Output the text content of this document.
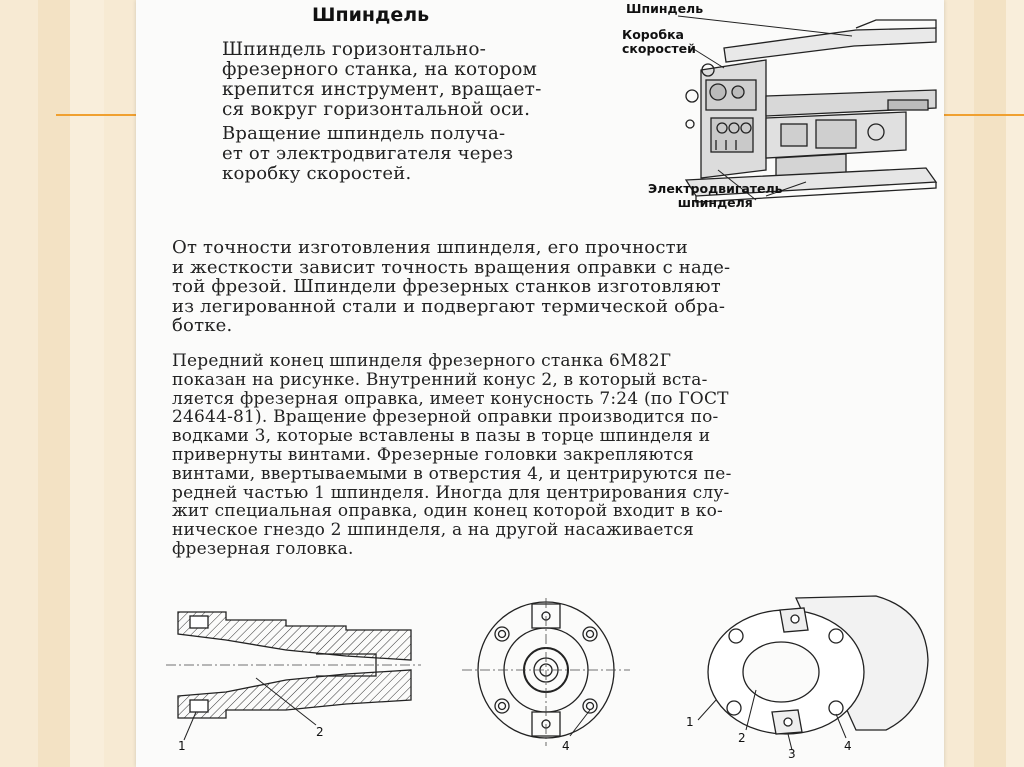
Шпиндель
Шпиндель горизонтально-
фрезерного станка, на котором
крепится инструмент, вращает-
ся вокруг горизонтальной оси.
Вращение шпиндель получа-
ет от электродвигателя через
коробку скоростей.
Шпиндель
Коробка
скоростей
Электродвигатель
шпинделя
От точности изготовления шпинделя, его прочности
и жесткости зависит точность вращения оправки с наде-
той фрезой. Шпиндели фрезерных станков изготовляют
из легированной стали и подвергают термической обра-
ботке.
Передний конец шпинделя фрезерного станка 6М82Г
показан на рисунке. Внутренний конус 2, в который вста-
ляется фрезерная оправка, имеет конусность 7:24 (по ГОСТ
24644-81). Вращение фрезерной оправки производится по-
водками 3, которые вставлены в пазы в торце шпинделя и
привернуты винтами. Фрезерные головки закрепляются
винтами, ввертываемыми в отверстия 4, и центрируются пе-
редней частью 1 шпинделя. Иногда для центрирования слу-
жит специальная оправка, один конец которой входит в ко-
ническое гнездо 2 шпинделя, а на другой насаживается
фрезерная головка.
2
1	4
1
2
3
4
